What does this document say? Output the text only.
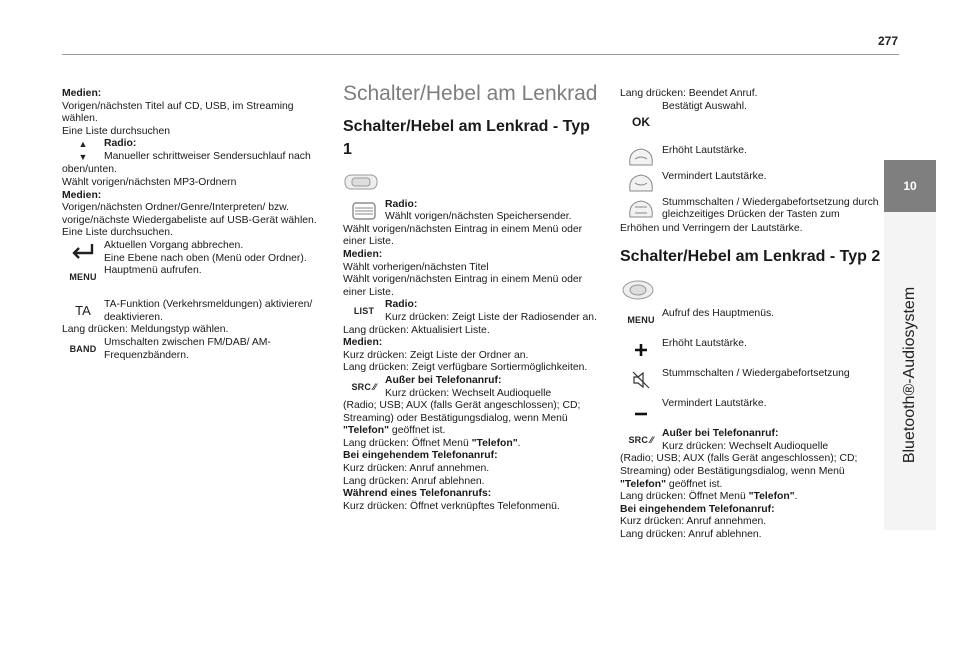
277
10
Bluetooth®-Audiosystem

Medien:

Vorigen/nächsten Titel auf CD, USB, im Streaming wählen.

Eine Liste durchsuchen

▲
▼

Radio:

Manueller schrittweiser Sendersuchlauf nach

oben/unten.

Wählt vorigen/nächsten MP3-Ordnern

Medien:

Vorigen/nächsten Ordner/Genre/Interpreten/ bzw. vorige/nächste Wiedergabeliste auf USB-Gerät wählen.

Eine Liste durchsuchen.

Aktuellen Vorgang abbrechen.

Eine Ebene nach oben (Menü oder Ordner).

MENU

Hauptmenü aufrufen.

TA	TA-Funktion (Verkehrsmeldungen) aktivieren/ deaktivieren.

Lang drücken: Meldungstyp wählen.

BAND

Umschalten zwischen FM/DAB/ AM-Frequenzbändern.

Schalter/Hebel am Lenkrad
Schalter/Hebel am Lenkrad - Typ 1

Radio:

Wählt vorigen/nächsten Speichersender.

Wählt vorigen/nächsten Eintrag in einem Menü oder einer Liste.

Medien:

Wählt vorherigen/nächsten Titel

Wählt vorigen/nächsten Eintrag in einem Menü oder einer Liste.

LIST

Radio:

Kurz drücken: Zeigt Liste der Radiosender an.

Lang drücken: Aktualisiert Liste.

Medien:

Kurz drücken: Zeigt Liste der Ordner an.

Lang drücken: Zeigt verfügbare Sortiermöglichkeiten.

SRC
  ⁄⁄

Außer bei Telefonanruf:

Kurz drücken: Wechselt Audioquelle

(Radio; USB; AUX (falls Gerät angeschlossen); CD; Streaming) oder Bestätigungsdialog, wenn Menü "Telefon" geöffnet ist.

Lang drücken: Öffnet Menü "Telefon".

Bei eingehendem Telefonanruf:

Kurz drücken: Anruf annehmen.

Lang drücken: Anruf ablehnen.

Während eines Telefonanrufs:

Kurz drücken: Öffnet verknüpftes Telefonmenü.

Lang drücken: Beendet Anruf.

OK

Bestätigt Auswahl.

Erhöht Lautstärke.

Vermindert Lautstärke.

Stummschalten / Wiedergabefortsetzung durch gleichzeitiges Drücken der Tasten zum

Erhöhen und Verringern der Lautstärke.

Schalter/Hebel am Lenkrad - Typ 2
MENU

Aufruf des Hauptmenüs.

Erhöht Lautstärke.

Stummschalten / Wiedergabefortsetzung

Vermindert Lautstärke.

SRC
  ⁄⁄

Außer bei Telefonanruf:

Kurz drücken: Wechselt Audioquelle

(Radio; USB; AUX (falls Gerät angeschlossen); CD; Streaming) oder Bestätigungsdialog, wenn Menü "Telefon" geöffnet ist.

Lang drücken: Öffnet Menü "Telefon".

Bei eingehendem Telefonanruf:

Kurz drücken: Anruf annehmen.

Lang drücken: Anruf ablehnen.
